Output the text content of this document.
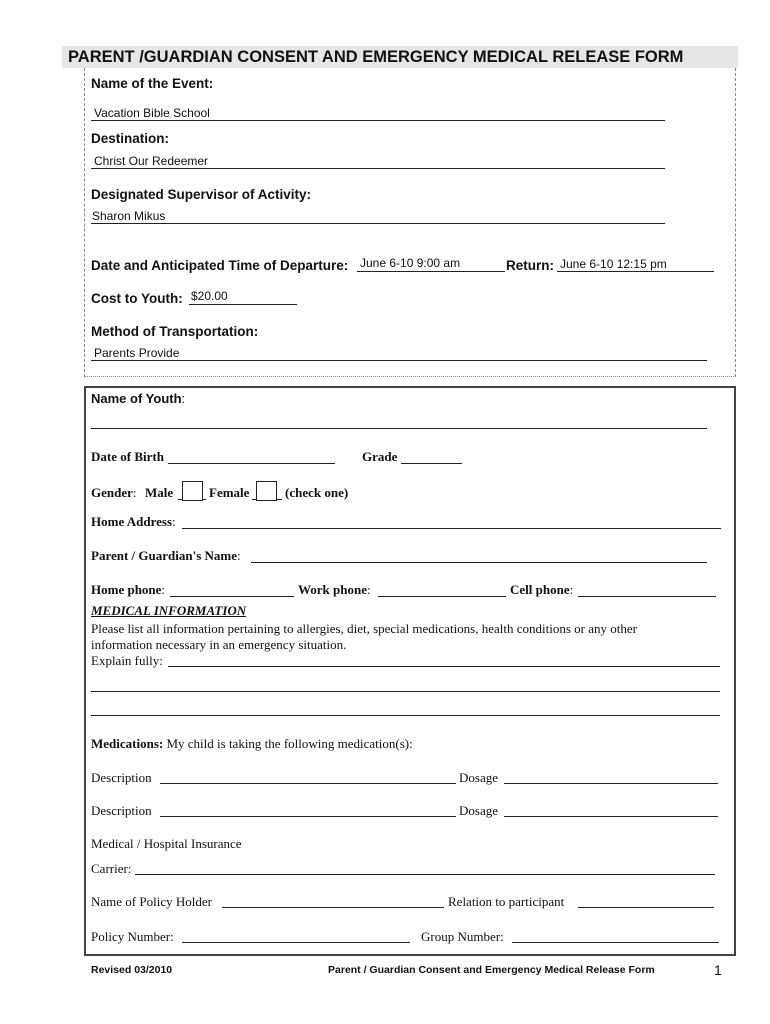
PARENT /GUARDIAN CONSENT AND EMERGENCY MEDICAL RELEASE FORM
Name of the Event:
Vacation Bible School
Destination:
Christ Our Redeemer
Designated Supervisor of Activity:
Sharon Mikus
Date and Anticipated Time of Departure: June 6-10 9:00 am	Return: June 6-10 12:15 pm
Cost to Youth: $20.00
Method of Transportation:
Parents Provide
Name of Youth:
Date of Birth	Grade
Gender: Male	Female	(check one)
Home Address:
Parent / Guardian's Name:
Home phone:	Work phone:	Cell phone:
MEDICAL INFORMATION
Please list all information pertaining to allergies, diet, special medications, health conditions or any other
information necessary in an emergency situation.
Explain fully:
Medications: My child is taking the following medication(s):
Description	Dosage
Description	Dosage
Medical / Hospital Insurance
Carrier:
Name of Policy Holder	Relation to participant
Policy Number:	Group Number:
Revised 03/2010	Parent / Guardian Consent and Emergency Medical Release Form	1
